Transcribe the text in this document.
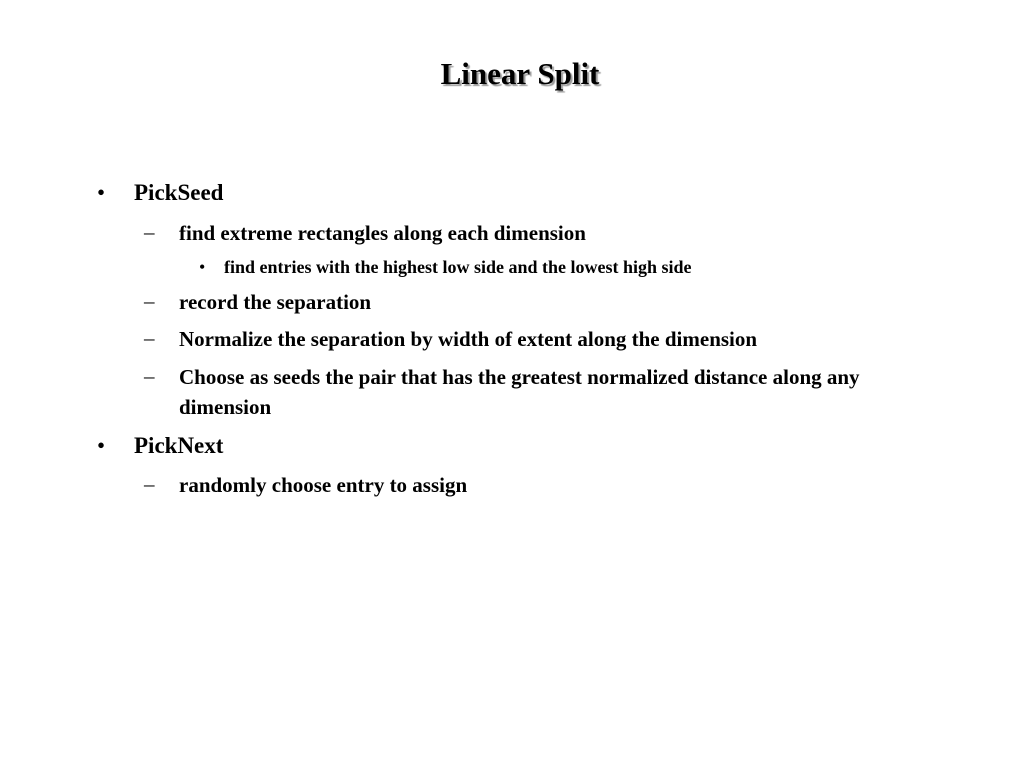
Linear Split
• PickSeed
– find extreme rectangles along each dimension
• find entries with the highest low side and the lowest high side
– record the separation
– Normalize the separation by width of extent along the dimension
– Choose as seeds the pair that has the greatest normalized distance along any dimension
• PickNext
– randomly choose entry to assign
